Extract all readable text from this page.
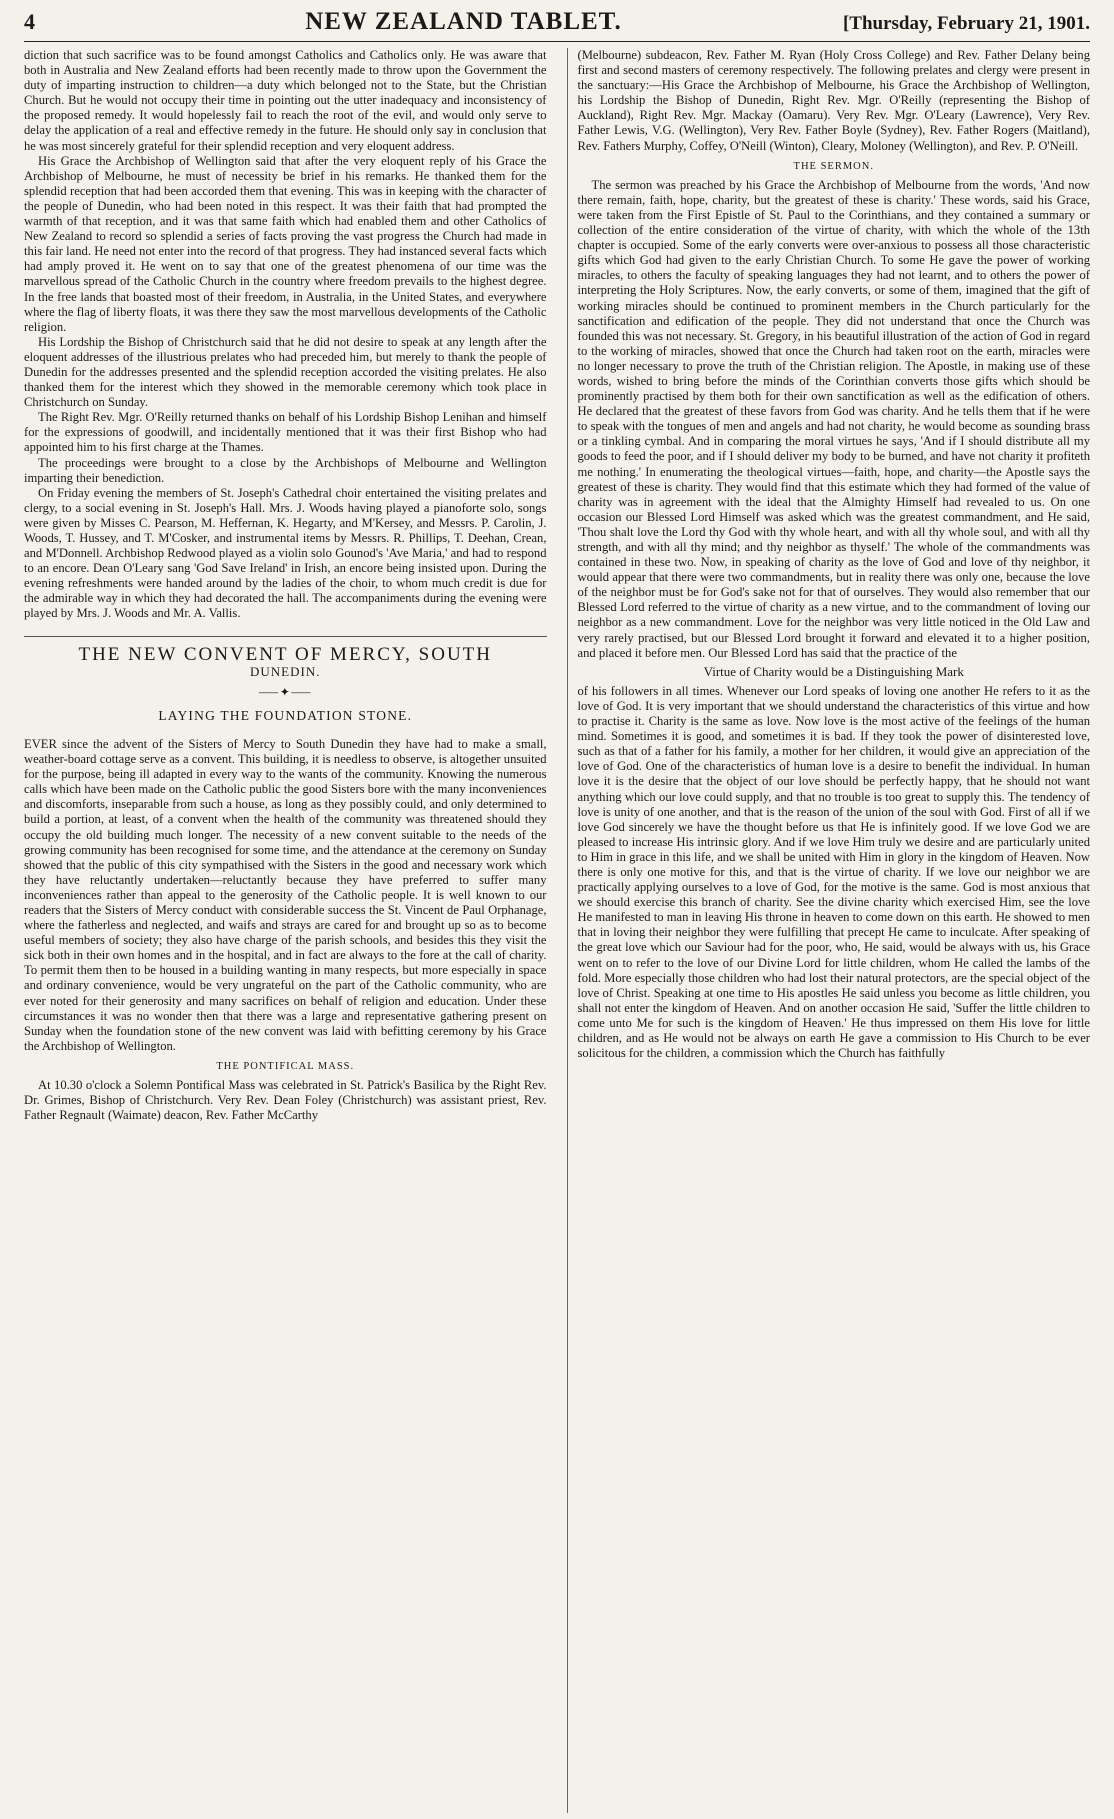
4	NEW ZEALAND TABLET.	[Thursday, February 21, 1901.

diction that such sacrifice was to be found amongst Catholics and Catholics only. He was aware that both in Australia and New Zealand efforts had been recently made to throw upon the Government the duty of imparting instruction to children—a duty which belonged not to the State, but the Christian Church. But he would not occupy their time in pointing out the utter inadequacy and inconsistency of the proposed remedy. It would hopelessly fail to reach the root of the evil, and would only serve to delay the application of a real and effective remedy in the future. He should only say in conclusion that he was most sincerely grateful for their splendid reception and very eloquent address.

His Grace the Archbishop of Wellington said that after the very eloquent reply of his Grace the Archbishop of Melbourne, he must of necessity be brief in his remarks. He thanked them for the splendid reception that had been accorded them that evening. This was in keeping with the character of the people of Dunedin, who had been noted in this respect. It was their faith that had prompted the warmth of that reception, and it was that same faith which had enabled them and other Catholics of New Zealand to record so splendid a series of facts proving the vast progress the Church had made in this fair land. He need not enter into the record of that progress. They had instanced several facts which had amply proved it. He went on to say that one of the greatest phenomena of our time was the marvellous spread of the Catholic Church in the country where freedom prevails to the highest degree. In the free lands that boasted most of their freedom, in Australia, in the United States, and everywhere where the flag of liberty floats, it was there they saw the most marvellous developments of the Catholic religion.

His Lordship the Bishop of Christchurch said that he did not desire to speak at any length after the eloquent addresses of the illustrious prelates who had preceded him, but merely to thank the people of Dunedin for the addresses presented and the splendid reception accorded the visiting prelates. He also thanked them for the interest which they showed in the memorable ceremony which took place in Christchurch on Sunday.

The Right Rev. Mgr. O'Reilly returned thanks on behalf of his Lordship Bishop Lenihan and himself for the expressions of goodwill, and incidentally mentioned that it was their first Bishop who had appointed him to his first charge at the Thames.

The proceedings were brought to a close by the Archbishops of Melbourne and Wellington imparting their benediction.

On Friday evening the members of St. Joseph's Cathedral choir entertained the visiting prelates and clergy, to a social evening in St. Joseph's Hall. Mrs. J. Woods having played a pianoforte solo, songs were given by Misses C. Pearson, M. Heffernan, K. Hegarty, and M'Kersey, and Messrs. P. Carolin, J. Woods, T. Hussey, and T. M'Cosker, and instrumental items by Messrs. R. Phillips, T. Deehan, Crean, and M'Donnell. Archbishop Redwood played as a violin solo Gounod's 'Ave Maria,' and had to respond to an encore. Dean O'Leary sang 'God Save Ireland' in Irish, an encore being insisted upon. During the evening refreshments were handed around by the ladies of the choir, to whom much credit is due for the admirable way in which they had decorated the hall. The accompaniments during the evening were played by Mrs. J. Woods and Mr. A. Vallis.

THE NEW CONVENT OF MERCY, SOUTH
DUNEDIN.
⸺✦⸺
LAYING THE FOUNDATION STONE.

EVER since the advent of the Sisters of Mercy to South Dunedin they have had to make a small, weather-board cottage serve as a convent. This building, it is needless to observe, is altogether unsuited for the purpose, being ill adapted in every way to the wants of the community. Knowing the numerous calls which have been made on the Catholic public the good Sisters bore with the many inconveniences and discomforts, inseparable from such a house, as long as they possibly could, and only determined to build a portion, at least, of a convent when the health of the community was threatened should they occupy the old building much longer. The necessity of a new convent suitable to the needs of the growing community has been recognised for some time, and the attendance at the ceremony on Sunday showed that the public of this city sympathised with the Sisters in the good and necessary work which they have reluctantly undertaken—reluctantly because they have preferred to suffer many inconveniences rather than appeal to the generosity of the Catholic people. It is well known to our readers that the Sisters of Mercy conduct with considerable success the St. Vincent de Paul Orphanage, where the fatherless and neglected, and waifs and strays are cared for and brought up so as to become useful members of society; they also have charge of the parish schools, and besides this they visit the sick both in their own homes and in the hospital, and in fact are always to the fore at the call of charity. To permit them then to be housed in a building wanting in many respects, but more especially in space and ordinary convenience, would be very ungrateful on the part of the Catholic community, who are ever noted for their generosity and many sacrifices on behalf of religion and education. Under these circumstances it was no wonder then that there was a large and representative gathering present on Sunday when the foundation stone of the new convent was laid with befitting ceremony by his Grace the Archbishop of Wellington.

THE PONTIFICAL MASS.

At 10.30 o'clock a Solemn Pontifical Mass was celebrated in St. Patrick's Basilica by the Right Rev. Dr. Grimes, Bishop of Christchurch. Very Rev. Dean Foley (Christchurch) was assistant priest, Rev. Father Regnault (Waimate) deacon, Rev. Father McCarthy

(Melbourne) subdeacon, Rev. Father M. Ryan (Holy Cross College) and Rev. Father Delany being first and second masters of ceremony respectively. The following prelates and clergy were present in the sanctuary:—His Grace the Archbishop of Melbourne, his Grace the Archbishop of Wellington, his Lordship the Bishop of Dunedin, Right Rev. Mgr. O'Reilly (representing the Bishop of Auckland), Right Rev. Mgr. Mackay (Oamaru). Very Rev. Mgr. O'Leary (Lawrence), Very Rev. Father Lewis, V.G. (Wellington), Very Rev. Father Boyle (Sydney), Rev. Father Rogers (Maitland), Rev. Fathers Murphy, Coffey, O'Neill (Winton), Cleary, Moloney (Wellington), and Rev. P. O'Neill.

THE SERMON.

The sermon was preached by his Grace the Archbishop of Melbourne from the words, 'And now there remain, faith, hope, charity, but the greatest of these is charity.' These words, said his Grace, were taken from the First Epistle of St. Paul to the Corinthians, and they contained a summary or collection of the entire consideration of the virtue of charity, with which the whole of the 13th chapter is occupied. Some of the early converts were over-anxious to possess all those characteristic gifts which God had given to the early Christian Church. To some He gave the power of working miracles, to others the faculty of speaking languages they had not learnt, and to others the power of interpreting the Holy Scriptures. Now, the early converts, or some of them, imagined that the gift of working miracles should be continued to prominent members in the Church particularly for the sanctification and edification of the people. They did not understand that once the Church was founded this was not necessary. St. Gregory, in his beautiful illustration of the action of God in regard to the working of miracles, showed that once the Church had taken root on the earth, miracles were no longer necessary to prove the truth of the Christian religion. The Apostle, in making use of these words, wished to bring before the minds of the Corinthian converts those gifts which should be prominently practised by them both for their own sanctification as well as the edification of others. He declared that the greatest of these favors from God was charity. And he tells them that if he were to speak with the tongues of men and angels and had not charity, he would become as sounding brass or a tinkling cymbal. And in comparing the moral virtues he says, 'And if I should distribute all my goods to feed the poor, and if I should deliver my body to be burned, and have not charity it profiteth me nothing.' In enumerating the theological virtues—faith, hope, and charity—the Apostle says the greatest of these is charity. They would find that this estimate which they had formed of the value of charity was in agreement with the ideal that the Almighty Himself had revealed to us. On one occasion our Blessed Lord Himself was asked which was the greatest commandment, and He said, 'Thou shalt love the Lord thy God with thy whole heart, and with all thy whole soul, and with all thy strength, and with all thy mind; and thy neighbor as thyself.' The whole of the commandments was contained in these two. Now, in speaking of charity as the love of God and love of thy neighbor, it would appear that there were two commandments, but in reality there was only one, because the love of the neighbor must be for God's sake not for that of ourselves. They would also remember that our Blessed Lord referred to the virtue of charity as a new virtue, and to the commandment of loving our neighbor as a new commandment. Love for the neighbor was very little noticed in the Old Law and very rarely practised, but our Blessed Lord brought it forward and elevated it to a higher position, and placed it before men. Our Blessed Lord has said that the practice of the

Virtue of Charity would be a Distinguishing Mark

of his followers in all times. Whenever our Lord speaks of loving one another He refers to it as the love of God. It is very important that we should understand the characteristics of this virtue and how to practise it. Charity is the same as love. Now love is the most active of the feelings of the human mind. Sometimes it is good, and sometimes it is bad. If they took the power of disinterested love, such as that of a father for his family, a mother for her children, it would give an appreciation of the love of God. One of the characteristics of human love is a desire to benefit the individual. In human love it is the desire that the object of our love should be perfectly happy, that he should not want anything which our love could supply, and that no trouble is too great to supply this. The tendency of love is unity of one another, and that is the reason of the union of the soul with God. First of all if we love God sincerely we have the thought before us that He is infinitely good. If we love God we are pleased to increase His intrinsic glory. And if we love Him truly we desire and are particularly united to Him in grace in this life, and we shall be united with Him in glory in the kingdom of Heaven. Now there is only one motive for this, and that is the virtue of charity. If we love our neighbor we are practically applying ourselves to a love of God, for the motive is the same. God is most anxious that we should exercise this branch of charity. See the divine charity which exercised Him, see the love He manifested to man in leaving His throne in heaven to come down on this earth. He showed to men that in loving their neighbor they were fulfilling that precept He came to inculcate. After speaking of the great love which our Saviour had for the poor, who, He said, would be always with us, his Grace went on to refer to the love of our Divine Lord for little children, whom He called the lambs of the fold. More especially those children who had lost their natural protectors, are the special object of the love of Christ. Speaking at one time to His apostles He said unless you become as little children, you shall not enter the kingdom of Heaven. And on another occasion He said, 'Suffer the little children to come unto Me for such is the kingdom of Heaven.' He thus impressed on them His love for little children, and as He would not be always on earth He gave a commission to His Church to be ever solicitous for the children, a commission which the Church has faithfully
